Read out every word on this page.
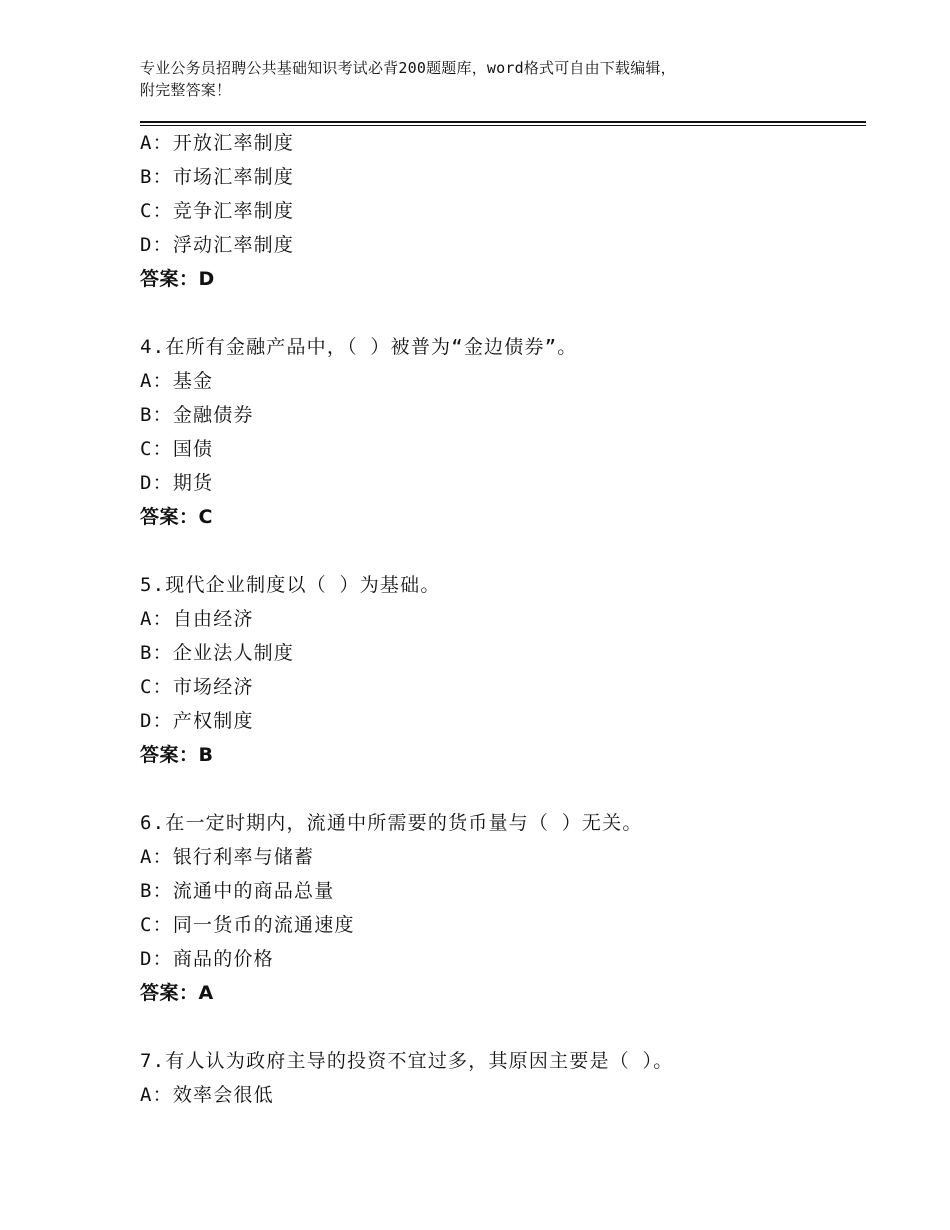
专业公务员招聘公共基础知识考试必背200题题库，word格式可自由下载编辑，
附完整答案！
A：开放汇率制度
B：市场汇率制度
C：竞争汇率制度
D：浮动汇率制度
答案：D
4.在所有金融产品中，（ ）被普为“金边债券”。
A：基金
B：金融债券
C：国债
D：期货
答案：C
5.现代企业制度以（ ）为基础。
A：自由经济
B：企业法人制度
C：市场经济
D：产权制度
答案：B
6.在一定时期内，流通中所需要的货币量与（ ）无关。
A：银行利率与储蓄
B：流通中的商品总量
C：同一货币的流通速度
D：商品的价格
答案：A
7.有人认为政府主导的投资不宜过多，其原因主要是（ ）。
A：效率会很低
